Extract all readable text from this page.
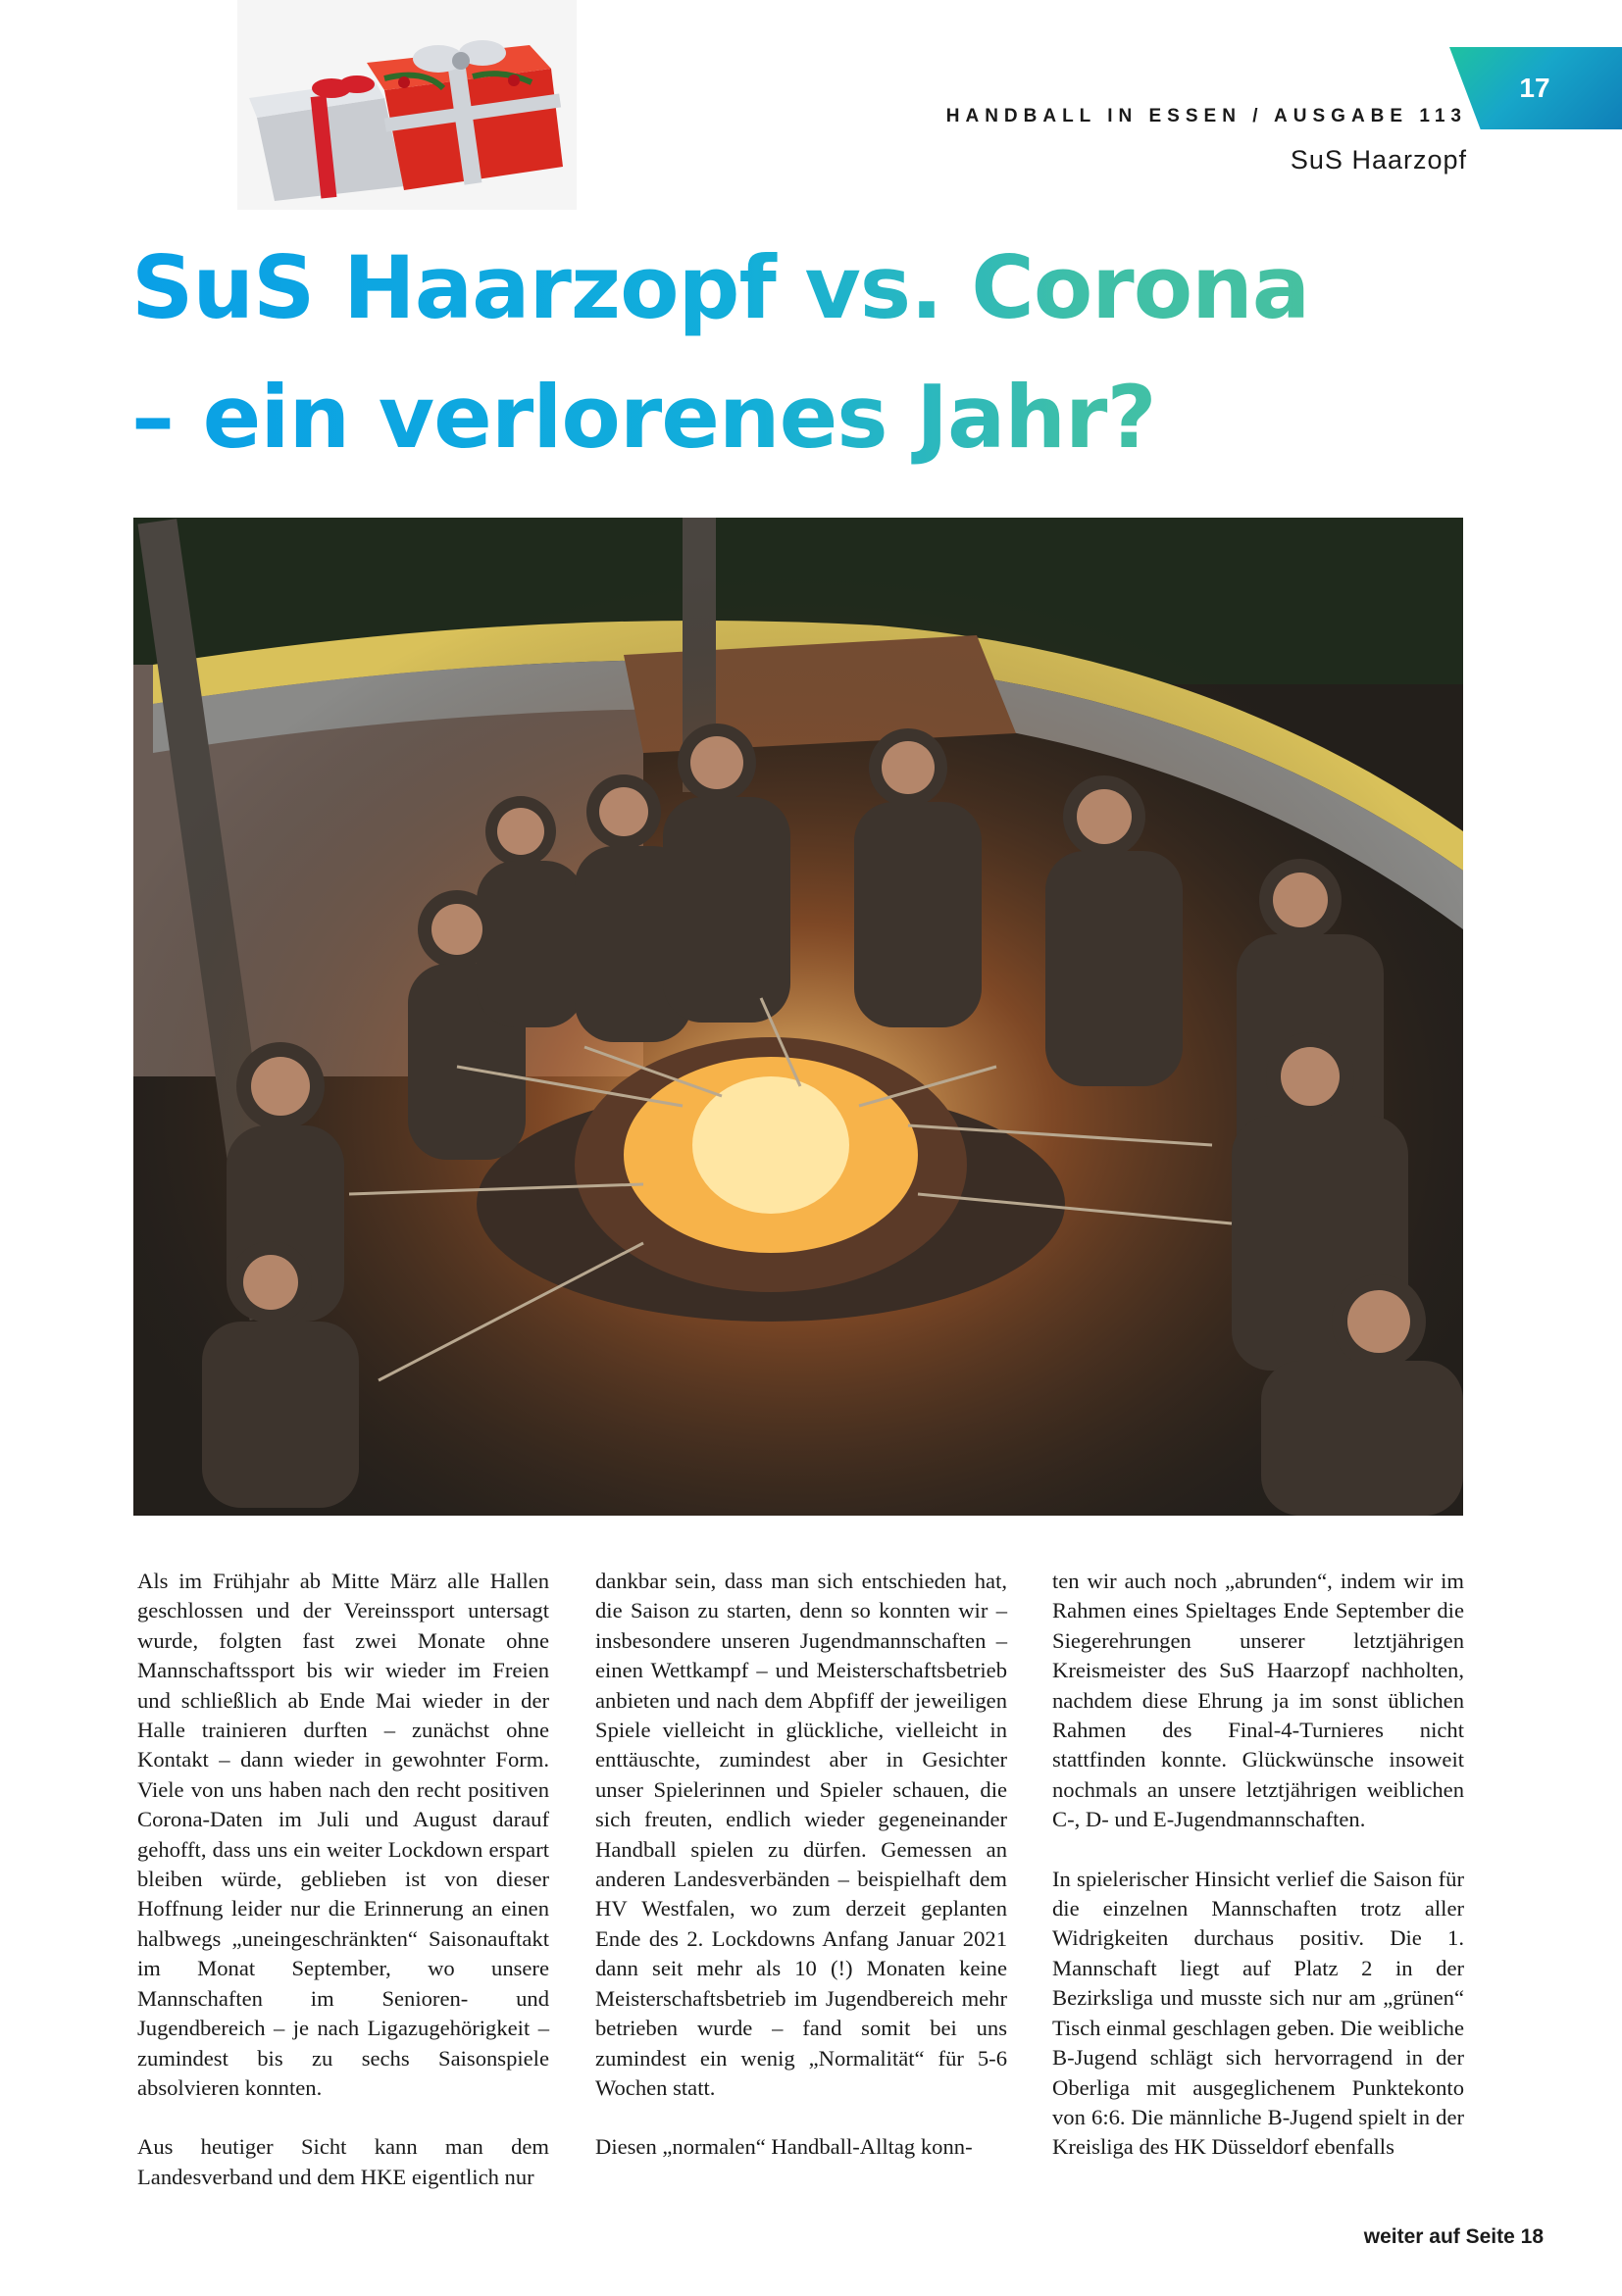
17
HANDBALL IN ESSEN / AUSGABE 113
SuS Haarzopf
SuS Haarzopf vs. Corona
– ein verlorenes Jahr?

Als im Frühjahr ab Mitte März alle Hallen geschlossen und der Vereinssport untersagt wurde, folgten fast zwei Monate ohne Mannschaftssport bis wir wieder im Freien und schließlich ab Ende Mai wieder in der Halle trainieren durften – zunächst ohne Kontakt – dann wieder in gewohnter Form. Viele von uns haben nach den recht positiven Corona-Daten im Juli und August darauf gehofft, dass uns ein weiter Lockdown erspart bleiben würde, geblieben ist von dieser Hoffnung leider nur die Erinnerung an einen halbwegs „uneingeschränkten“ Saisonauftakt im Monat September, wo unsere Mannschaften im Senioren- und Jugendbereich – je nach Ligazugehörigkeit – zumindest bis zu sechs Saisonspiele absolvieren konnten.

Aus heutiger Sicht kann man dem Landesverband und dem HKE eigentlich nur

dankbar sein, dass man sich entschieden hat, die Saison zu starten, denn so konnten wir – insbesondere unseren Jugendmannschaften – einen Wettkampf – und Meisterschaftsbetrieb anbieten und nach dem Abpfiff der jeweiligen Spiele vielleicht in glückliche, vielleicht in enttäuschte, zumindest aber in Gesichter unser Spielerinnen und Spieler schauen, die sich freuten, endlich wieder gegeneinander Handball spielen zu dürfen. Gemessen an anderen Landesverbänden – beispielhaft dem HV Westfalen, wo zum derzeit geplanten Ende des 2. Lockdowns Anfang Januar 2021 dann seit mehr als 10 (!) Monaten keine Meisterschaftsbetrieb im Jugendbereich mehr betrieben wurde – fand somit bei uns zumindest ein wenig „Normalität“ für 5-6 Wochen statt.

Diesen „normalen“ Handball-Alltag konn-

ten wir auch noch „abrunden“, indem wir im Rahmen eines Spieltages Ende September die Siegerehrungen unserer letztjährigen Kreismeister des SuS Haarzopf nachholten, nachdem diese Ehrung ja im sonst üblichen Rahmen des Final-4-Turnieres nicht stattfinden konnte. Glückwünsche insoweit nochmals an unsere letztjährigen weiblichen C-, D- und E-Jugendmannschaften.

In spielerischer Hinsicht verlief die Saison für die einzelnen Mannschaften trotz aller Widrigkeiten durchaus positiv. Die 1. Mannschaft liegt auf Platz 2 in der Bezirksliga und musste sich nur am „grünen“ Tisch einmal geschlagen geben. Die weibliche B-Jugend schlägt sich hervorragend in der Oberliga mit ausgeglichenem Punktekonto von 6:6. Die männliche B-Jugend spielt in der Kreisliga des HK Düsseldorf ebenfalls

weiter auf Seite 18
